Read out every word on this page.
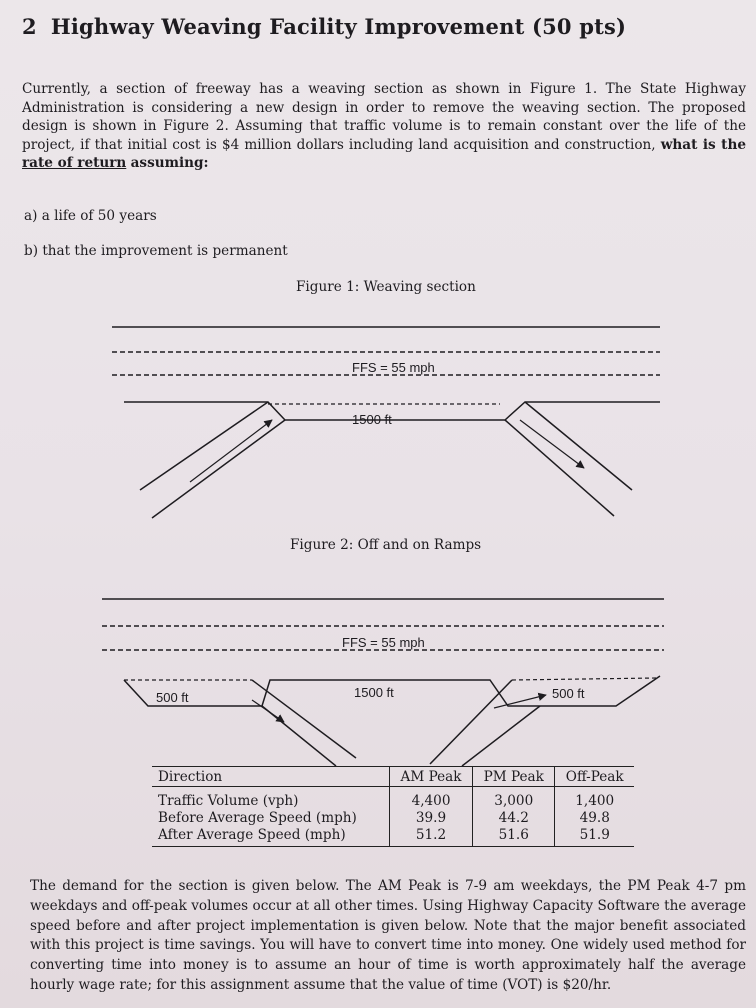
2 Highway Weaving Facility Improvement (50 pts)

Currently, a section of freeway has a weaving section as shown in Figure 1. The State Highway Administration is considering a new design in order to remove the weaving section. The proposed design is shown in Figure 2. Assuming that traffic volume is to remain constant over the life of the project, if that initial cost is $4 million dollars including land acquisition and construction, what is the rate of return assuming:

a) a life of 50 years

b) that the improvement is permanent

Figure 1: Weaving section

FFS = 55 mph
1500 ft

Figure 2: Off and on Ramps

FFS = 55 mph
500 ft	1500 ft	500 ft
Direction	AM Peak	PM Peak	Off-Peak
Traffic Volume (vph)	4,400	3,000	1,400
Before Average Speed (mph)	39.9	44.2	49.8
After Average Speed (mph)	51.2	51.6	51.9

The demand for the section is given below. The AM Peak is 7-9 am weekdays, the PM Peak 4-7 pm weekdays and off-peak volumes occur at all other times. Using Highway Capacity Software the average speed before and after project implementation is given below. Note that the major benefit associated with this project is time savings. You will have to convert time into money. One widely used method for converting time into money is to assume an hour of time is worth approximately half the average hourly wage rate; for this assignment assume that the value of time (VOT) is $20/hr.
